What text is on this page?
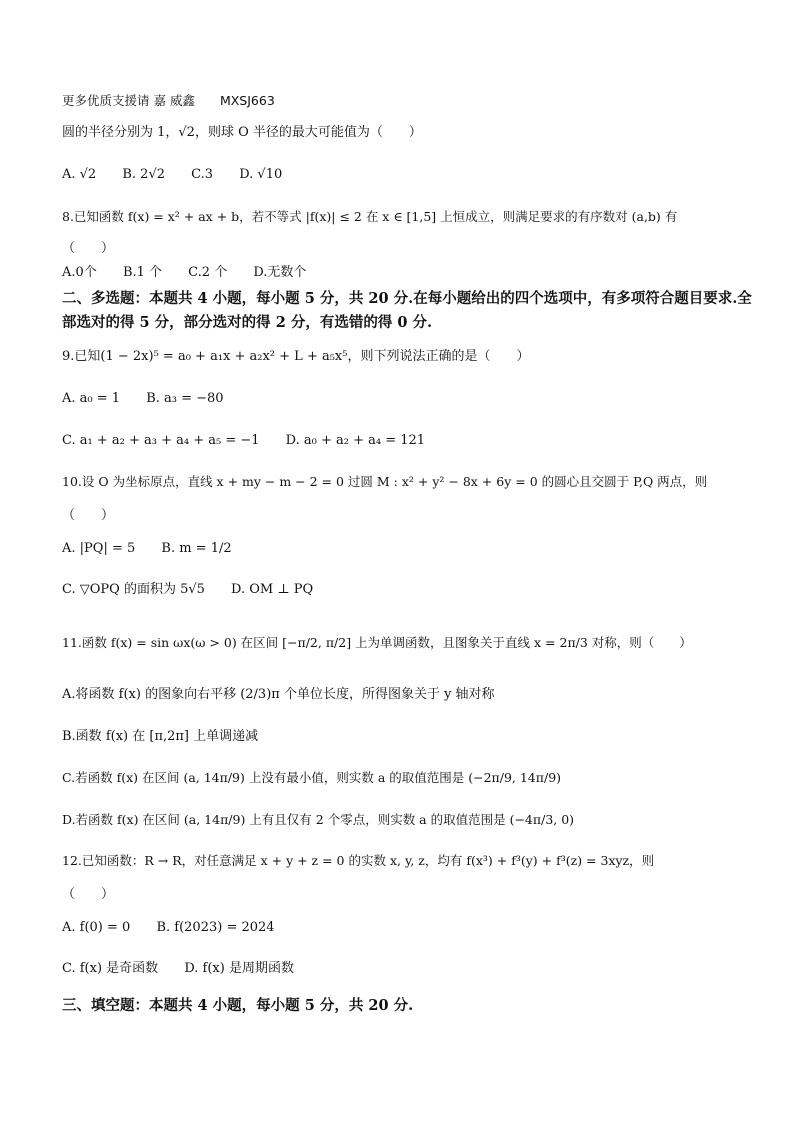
更多优质支援请 嘉 威鑫　　MXSJ663
圆的半径分别为 1，√2，则球 O 半径的最大可能值为（　　）
A. √2 B. 2√2 C.3 D. √10
8.已知函数 f(x) = x² + ax + b，若不等式 |f(x)| ≤ 2 在 x ∈ [1,5] 上恒成立，则满足要求的有序数对 (a,b) 有
（　　）
A.0个 B.1 个 C.2 个 D.无数个
二、多选题：本题共 4 小题，每小题 5 分，共 20 分.在每小题给出的四个选项中，有多项符合题目要求.全部选对的得 5 分，部分选对的得 2 分，有选错的得 0 分.
9.已知(1 − 2x)⁵ = a₀ + a₁x + a₂x² + L + a₅x⁵，则下列说法正确的是（　　）
A. a₀ = 1 B. a₃ = −80
C. a₁ + a₂ + a₃ + a₄ + a₅ = −1 D. a₀ + a₂ + a₄ = 121
10.设 O 为坐标原点，直线 x + my − m − 2 = 0 过圆 M : x² + y² − 8x + 6y = 0 的圆心且交圆于 P,Q 两点，则
（　　）
A. |PQ| = 5 B. m = 1/2
C. ▽OPQ 的面积为 5√5 D. OM ⊥ PQ
11.函数 f(x) = sin ωx(ω > 0) 在区间 [−π/2, π/2] 上为单调函数，且图象关于直线 x = 2π/3 对称，则（　　）
A.将函数 f(x) 的图象向右平移 (2/3)π 个单位长度，所得图象关于 y 轴对称
B.函数 f(x) 在 [π,2π] 上单调递减
C.若函数 f(x) 在区间 (a, 14π/9) 上没有最小值，则实数 a 的取值范围是 (−2π/9, 14π/9)
D.若函数 f(x) 在区间 (a, 14π/9) 上有且仅有 2 个零点，则实数 a 的取值范围是 (−4π/3, 0)
12.已知函数：R → R，对任意满足 x + y + z = 0 的实数 x, y, z，均有 f(x³) + f³(y) + f³(z) = 3xyz，则
（　　）
A. f(0) = 0 B. f(2023) = 2024
C. f(x) 是奇函数 D. f(x) 是周期函数
三、填空题：本题共 4 小题，每小题 5 分，共 20 分.
